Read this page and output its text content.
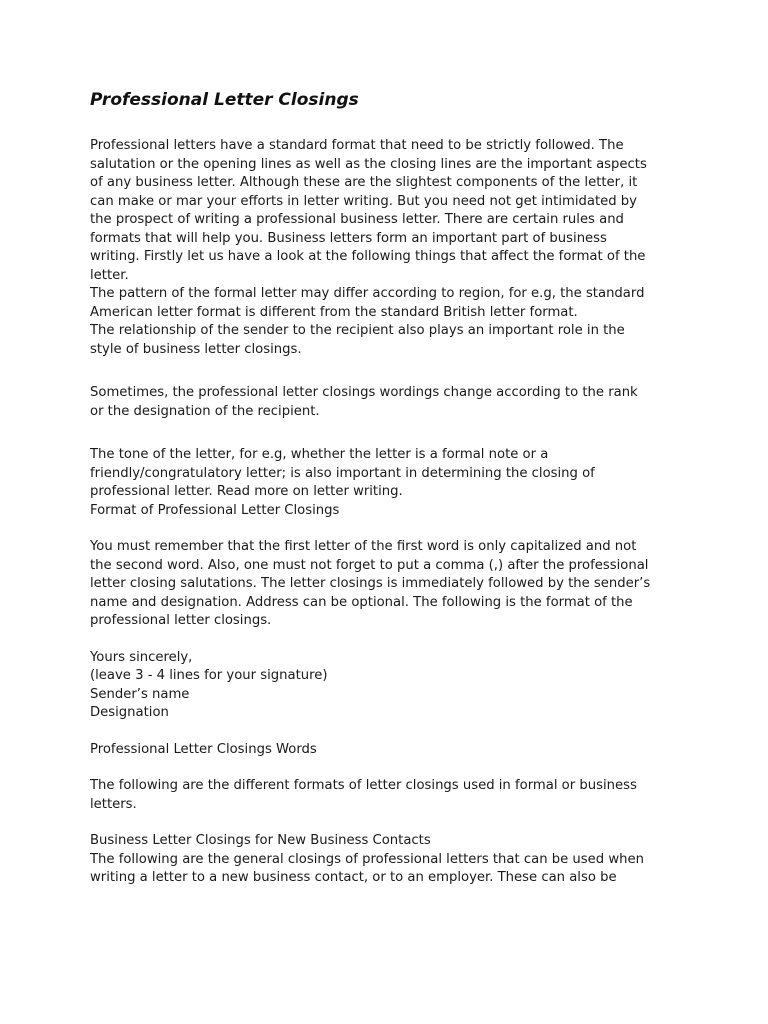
Professional Letter Closings
Professional letters have a standard format that need to be strictly followed. The
salutation or the opening lines as well as the closing lines are the important aspects
of any business letter. Although these are the slightest components of the letter, it
can make or mar your efforts in letter writing. But you need not get intimidated by
the prospect of writing a professional business letter. There are certain rules and
formats that will help you. Business letters form an important part of business
writing. Firstly let us have a look at the following things that affect the format of the
letter.
The pattern of the formal letter may differ according to region, for e.g, the standard
American letter format is different from the standard British letter format.
The relationship of the sender to the recipient also plays an important role in the
style of business letter closings.
Sometimes, the professional letter closings wordings change according to the rank
or the designation of the recipient.
The tone of the letter, for e.g, whether the letter is a formal note or a
friendly/congratulatory letter; is also important in determining the closing of
professional letter. Read more on letter writing.
Format of Professional Letter Closings
You must remember that the first letter of the first word is only capitalized and not
the second word. Also, one must not forget to put a comma (,) after the professional
letter closing salutations. The letter closings is immediately followed by the sender’s
name and designation. Address can be optional. The following is the format of the
professional letter closings.
Yours sincerely,
(leave 3 - 4 lines for your signature)
Sender’s name
Designation
Professional Letter Closings Words
The following are the different formats of letter closings used in formal or business
letters.
Business Letter Closings for New Business Contacts
The following are the general closings of professional letters that can be used when
writing a letter to a new business contact, or to an employer. These can also be
